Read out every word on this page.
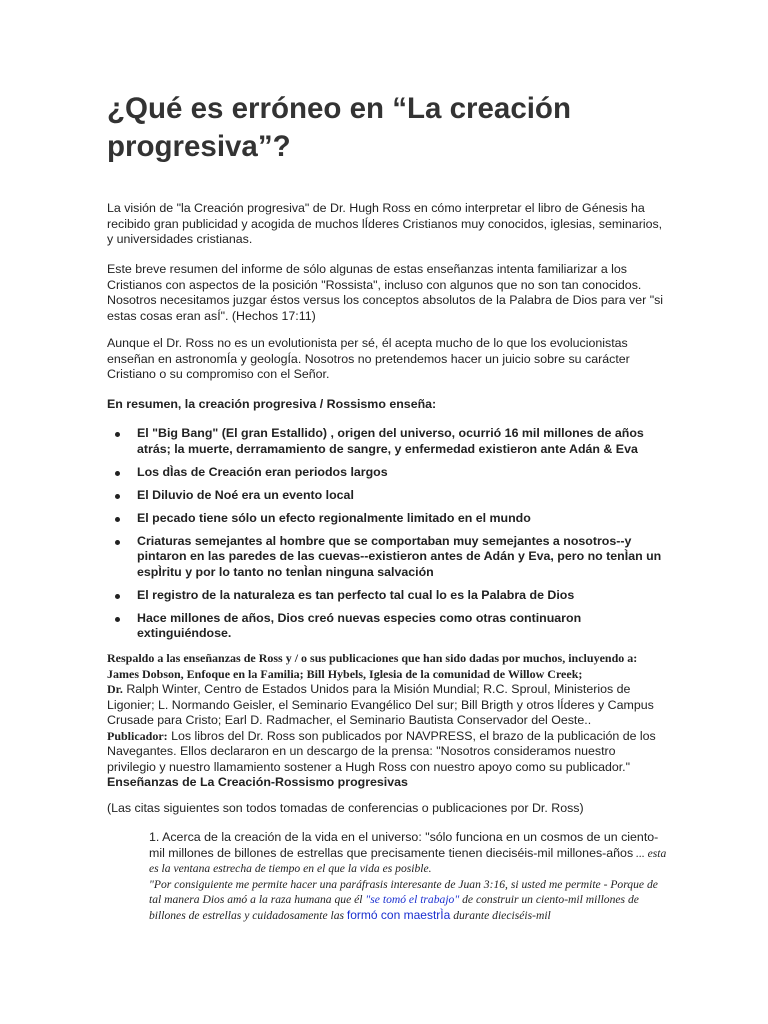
¿Qué es erróneo en “La creación progresiva”?

La visión de "la Creación progresiva" de Dr. Hugh Ross en cómo interpretar el libro de Génesis ha recibido gran publicidad y acogida de muchos lÍderes Cristianos muy conocidos, iglesias, seminarios, y universidades cristianas.

Este breve resumen del informe de sólo algunas de estas enseñanzas intenta familiarizar a los Cristianos con aspectos de la posición "Rossista", incluso con algunos que no son tan conocidos. Nosotros necesitamos juzgar éstos versus los conceptos absolutos de la Palabra de Dios para ver "si estas cosas eran asÍ". (Hechos 17:11)

Aunque el Dr. Ross no es un evolutionista per sé, él acepta mucho de lo que los evolucionistas enseñan en astronomÍa y geologÍa. Nosotros no pretendemos hacer un juicio sobre su carácter Cristiano o su compromiso con el Señor.

En resumen, la creación progresiva / Rossismo enseña:

El "Big Bang" (El gran Estallido) , origen del universo, ocurrió 16 mil millones de años atrás; la muerte, derramamiento de sangre, y enfermedad existieron ante Adán & Eva
Los dÌas de Creación eran periodos largos
El Diluvio de Noé era un evento local
El pecado tiene sólo un efecto regionalmente limitado en el mundo
Criaturas semejantes al hombre que se comportaban muy semejantes a nosotros--y pintaron en las paredes de las cuevas--existieron antes de Adán y Eva, pero no tenÌan un espÌritu y por lo tanto no tenÌan ninguna salvación
El registro de la naturaleza es tan perfecto tal cual lo es la Palabra de Dios
Hace millones de años, Dios creó nuevas especies como otras continuaron extinguiéndose.
Respaldo a las enseñanzas de Ross y / o sus publicaciones que han sido dadas por muchos, incluyendo a: James Dobson, Enfoque en la Familia; Bill Hybels, Iglesia de la comunidad de Willow Creek;
Dr. Ralph Winter, Centro de Estados Unidos para la Misión Mundial; R.C. Sproul, Ministerios de Ligonier; L. Normando Geisler, el Seminario Evangélico Del sur; Bill Brigth y otros lÍderes y Campus Crusade para Cristo; Earl D. Radmacher, el Seminario Bautista Conservador del Oeste..
Publicador: Los libros del Dr. Ross son publicados por NAVPRESS, el brazo de la publicación de los Navegantes. Ellos declararon en un descargo de la prensa: "Nosotros consideramos nuestro privilegio y nuestro llamamiento sostener a Hugh Ross con nuestro apoyo como su publicador."
Enseñanzas de La Creación-Rossismo progresivas

(Las citas siguientes son todos tomadas de conferencias o publicaciones por Dr. Ross)

1. Acerca de la creación de la vida en el universo: "sólo funciona en un cosmos de un ciento-mil millones de billones de estrellas que precisamente tienen dieciséis-mil millones-años ... esta es la ventana estrecha de tiempo en el que la vida es posible.
"Por consiguiente me permite hacer una paráfrasis interesante de Juan 3:16, si usted me permite - Porque de tal manera Dios amó a la raza humana que él "se tomó el trabajo" de construir un ciento-mil millones de billones de estrellas y cuidadosamente las formó con maestrÌa durante dieciséis-mil
